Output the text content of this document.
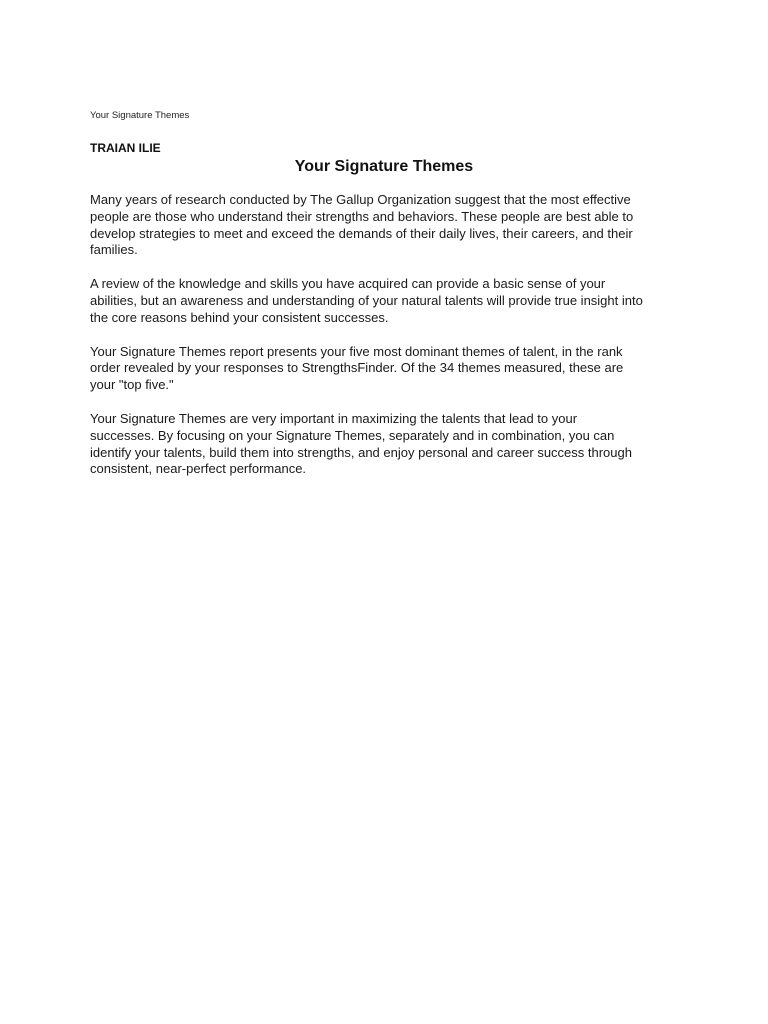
Your Signature Themes
TRAIAN ILIE
Your Signature Themes

Many years of research conducted by The Gallup Organization suggest that the most effective
people are those who understand their strengths and behaviors. These people are best able to
develop strategies to meet and exceed the demands of their daily lives, their careers, and their
families.

A review of the knowledge and skills you have acquired can provide a basic sense of your
abilities, but an awareness and understanding of your natural talents will provide true insight into
the core reasons behind your consistent successes.

Your Signature Themes report presents your five most dominant themes of talent, in the rank
order revealed by your responses to StrengthsFinder. Of the 34 themes measured, these are
your "top five."

Your Signature Themes are very important in maximizing the talents that lead to your
successes. By focusing on your Signature Themes, separately and in combination, you can
identify your talents, build them into strengths, and enjoy personal and career success through
consistent, near-perfect performance.
